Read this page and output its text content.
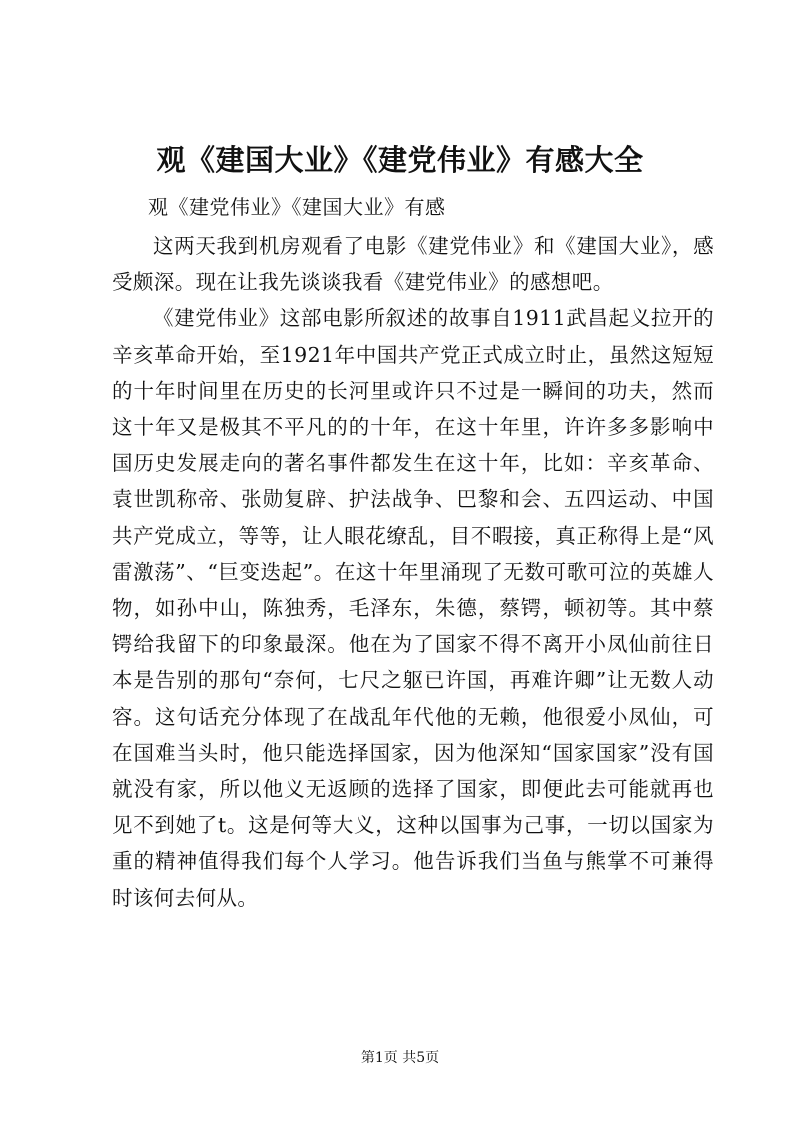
观《建国大业》《建党伟业》有感大全

观《建党伟业》《建国大业》有感

这两天我到机房观看了电影《建党伟业》和《建国大业》，感受颇深。现在让我先谈谈我看《建党伟业》的感想吧。

《建党伟业》这部电影所叙述的故事自1911武昌起义拉开的辛亥革命开始，至1921年中国共产党正式成立时止，虽然这短短的十年时间里在历史的长河里或许只不过是一瞬间的功夫，然而这十年又是极其不平凡的的十年，在这十年里，许许多多影响中国历史发展走向的著名事件都发生在这十年，比如：辛亥革命、袁世凯称帝、张勋复辟、护法战争、巴黎和会、五四运动、中国共产党成立，等等，让人眼花缭乱，目不暇接，真正称得上是“风雷激荡”、“巨变迭起”。在这十年里涌现了无数可歌可泣的英雄人物，如孙中山，陈独秀，毛泽东，朱德，蔡锷，顿初等。其中蔡锷给我留下的印象最深。他在为了国家不得不离开小凤仙前往日本是告别的那句“奈何，七尺之躯已许国，再难许卿”让无数人动容。这句话充分体现了在战乱年代他的无赖，他很爱小凤仙，可在国难当头时，他只能选择国家，因为他深知“国家国家”没有国就没有家，所以他义无返顾的选择了国家，即便此去可能就再也见不到她了t。这是何等大义，这种以国事为己事，一切以国家为重的精神值得我们每个人学习。他告诉我们当鱼与熊掌不可兼得时该何去何从。

第1页 共5页
